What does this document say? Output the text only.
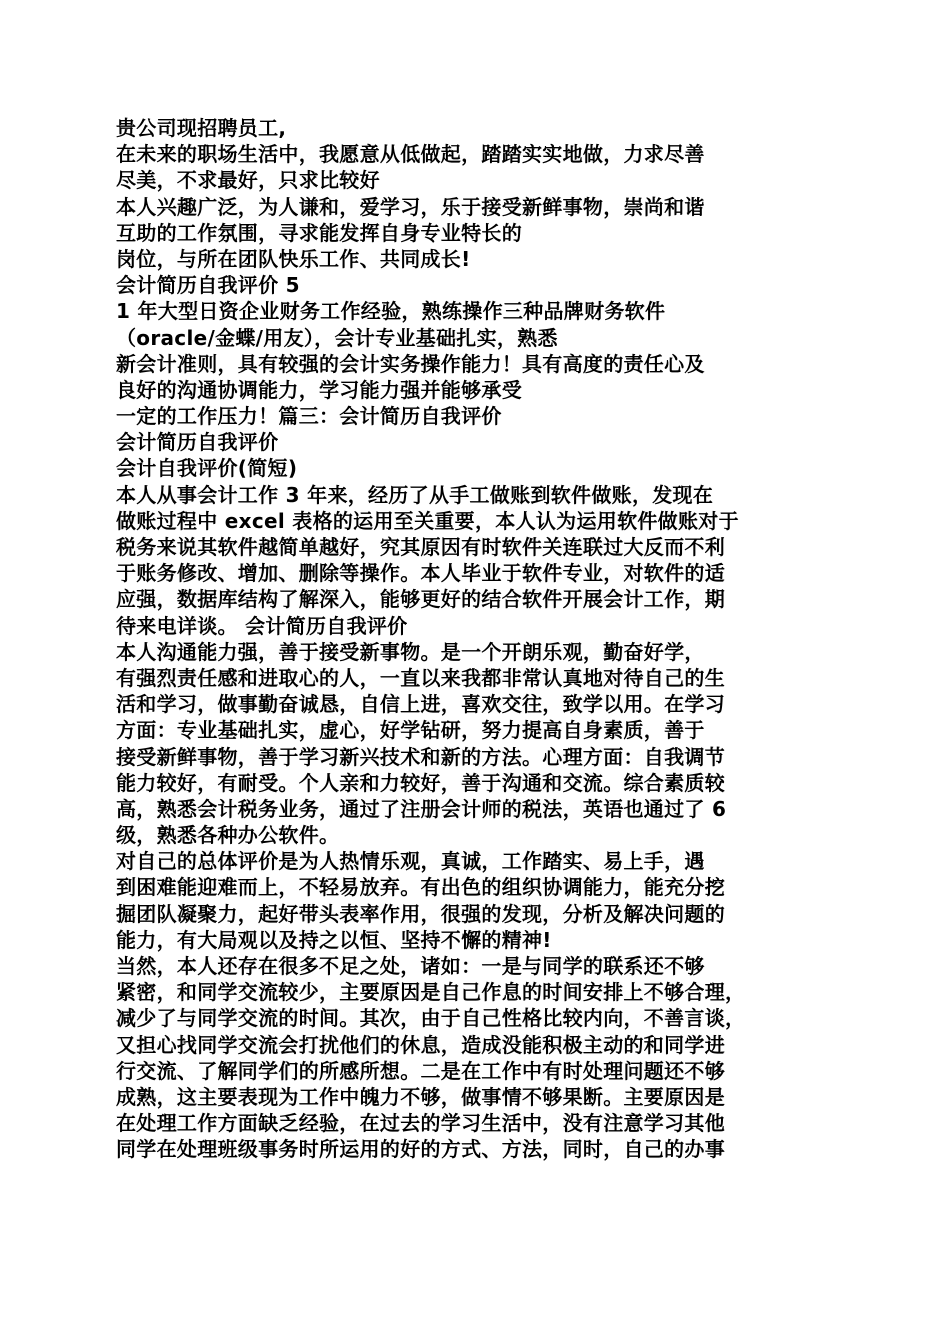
贵公司现招聘员工,
在未来的职场生活中，我愿意从低做起，踏踏实实地做，力求尽善
尽美，不求最好，只求比较好
本人兴趣广泛，为人谦和，爱学习，乐于接受新鲜事物，崇尚和谐
互助的工作氛围，寻求能发挥自身专业特长的
岗位，与所在团队快乐工作、共同成长!
会计简历自我评价 5
1 年大型日资企业财务工作经验，熟练操作三种品牌财务软件
（oracle/金蝶/用友），会计专业基础扎实，熟悉
新会计准则，具有较强的会计实务操作能力！具有高度的责任心及
良好的沟通协调能力，学习能力强并能够承受
一定的工作压力！篇三：会计简历自我评价
会计简历自我评价
会计自我评价(简短)
本人从事会计工作 3 年来，经历了从手工做账到软件做账，发现在
做账过程中 excel 表格的运用至关重要，本人认为运用软件做账对于
税务来说其软件越简单越好，究其原因有时软件关连联过大反而不利
于账务修改、增加、删除等操作。本人毕业于软件专业，对软件的适
应强，数据库结构了解深入，能够更好的结合软件开展会计工作，期
待来电详谈。 会计简历自我评价
本人沟通能力强，善于接受新事物。是一个开朗乐观，勤奋好学，
有强烈责任感和进取心的人，一直以来我都非常认真地对待自己的生
活和学习，做事勤奋诚恳，自信上进，喜欢交往，致学以用。在学习
方面：专业基础扎实，虚心，好学钻研，努力提高自身素质，善于
接受新鲜事物，善于学习新兴技术和新的方法。心理方面：自我调节
能力较好，有耐受。个人亲和力较好，善于沟通和交流。综合素质较
高，熟悉会计税务业务，通过了注册会计师的税法，英语也通过了 6
级，熟悉各种办公软件。
对自己的总体评价是为人热情乐观，真诚，工作踏实、易上手，遇
到困难能迎难而上，不轻易放弃。有出色的组织协调能力，能充分挖
掘团队凝聚力，起好带头表率作用，很强的发现，分析及解决问题的
能力，有大局观以及持之以恒、坚持不懈的精神!
当然，本人还存在很多不足之处，诸如：一是与同学的联系还不够
紧密，和同学交流较少，主要原因是自己作息的时间安排上不够合理，
减少了与同学交流的时间。其次，由于自己性格比较内向，不善言谈，
又担心找同学交流会打扰他们的休息，造成没能积极主动的和同学进
行交流、了解同学们的所感所想。二是在工作中有时处理问题还不够
成熟，这主要表现为工作中魄力不够，做事情不够果断。主要原因是
在处理工作方面缺乏经验，在过去的学习生活中，没有注意学习其他
同学在处理班级事务时所运用的好的方式、方法，同时，自己的办事
